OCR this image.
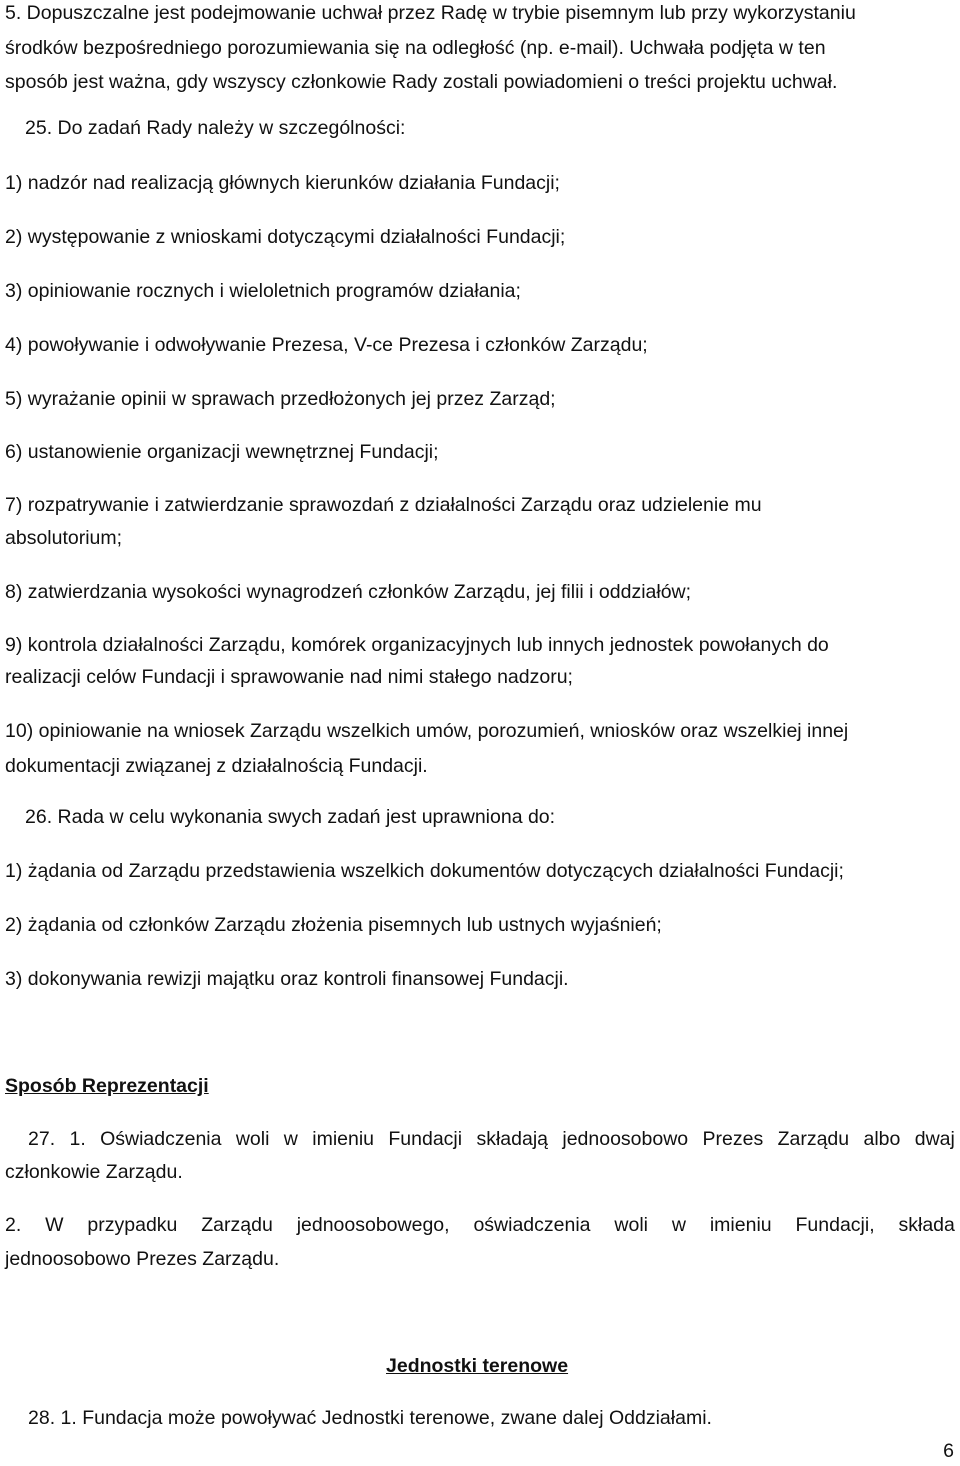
5. Dopuszczalne jest podejmowanie uchwał przez Radę w trybie pisemnym lub przy wykorzystaniu
środków bezpośredniego porozumiewania się na odległość (np. e-mail). Uchwała podjęta w ten
sposób jest ważna, gdy wszyscy członkowie Rady zostali powiadomieni o treści projektu uchwał.
25. Do zadań Rady należy w szczególności:
1) nadzór nad realizacją głównych kierunków działania Fundacji;
2) występowanie z wnioskami dotyczącymi działalności Fundacji;
3) opiniowanie rocznych i wieloletnich programów działania;
4) powoływanie i odwoływanie Prezesa, V-ce Prezesa i członków Zarządu;
5) wyrażanie opinii w sprawach przedłożonych jej przez Zarząd;
6) ustanowienie organizacji wewnętrznej Fundacji;
7) rozpatrywanie i zatwierdzanie sprawozdań z działalności Zarządu oraz udzielenie mu
absolutorium;
8) zatwierdzania wysokości wynagrodzeń członków Zarządu, jej filii i oddziałów;
9) kontrola działalności Zarządu, komórek organizacyjnych lub innych jednostek powołanych do
realizacji celów Fundacji i sprawowanie nad nimi stałego nadzoru;
10) opiniowanie na wniosek Zarządu wszelkich umów, porozumień, wniosków oraz wszelkiej innej
dokumentacji związanej z działalnością Fundacji.
26. Rada w celu wykonania swych zadań jest uprawniona do:
1) żądania od Zarządu przedstawienia wszelkich dokumentów dotyczących działalności Fundacji;
2) żądania od członków Zarządu złożenia pisemnych lub ustnych wyjaśnień;
3) dokonywania rewizji majątku oraz kontroli finansowej Fundacji.
Sposób Reprezentacji
27. 1. Oświadczenia woli w imieniu Fundacji składają jednoosobowo Prezes Zarządu albo dwaj
członkowie Zarządu.
2. W przypadku Zarządu jednoosobowego, oświadczenia woli w imieniu Fundacji, składa
jednoosobowo Prezes Zarządu.
Jednostki terenowe
28. 1. Fundacja może powoływać Jednostki terenowe, zwane dalej Oddziałami.
6
